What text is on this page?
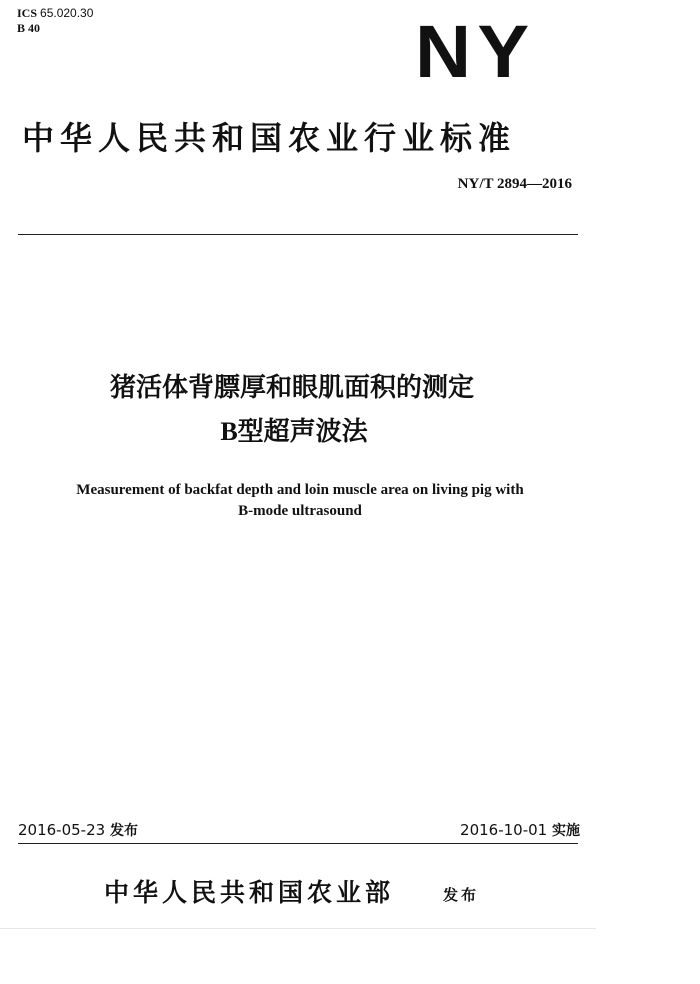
ICS 65.020.30
B 40	NY
中华人民共和国农业行业标准
NY/T 2894—2016
猪活体背膘厚和眼肌面积的测定
B型超声波法
Measurement of backfat depth and loin muscle area on living pig with
B-mode ultrasound
2016-05-23 发布	2016-10-01 实施
中华人民共和国农业部	发布
